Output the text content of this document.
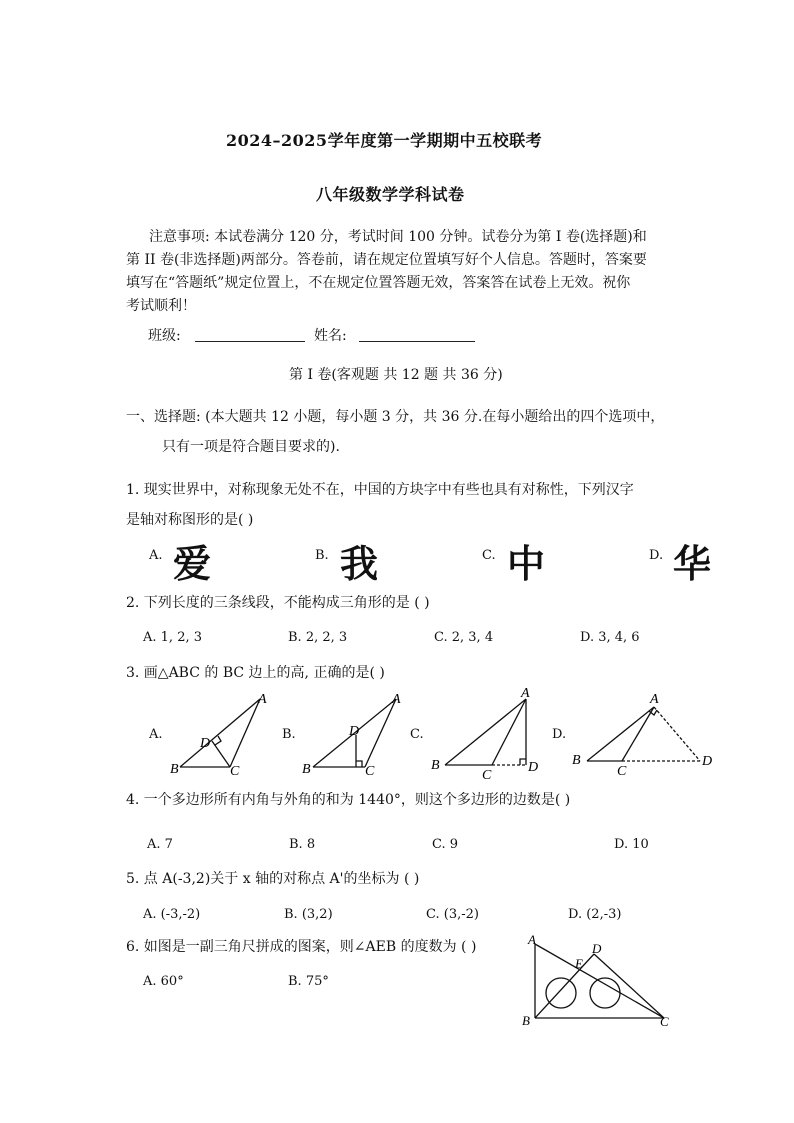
2024–2025学年度第一学期期中五校联考
八年级数学学科试卷
注意事项: 本试卷满分 120 分，考试时间 100 分钟。试卷分为第 I 卷(选择题)和
第 II 卷(非选择题)两部分。答卷前，请在规定位置填写好个人信息。答题时，答案要
填写在“答题纸”规定位置上，不在规定位置答题无效，答案答在试卷上无效。祝你
考试顺利！
班级:	姓名:
第 I 卷(客观题 共 12 题 共 36 分)
一、选择题: (本大题共 12 小题，每小题 3 分，共 36 分.在每小题给出的四个选项中，
只有一项是符合题目要求的).
1. 现实世界中，对称现象无处不在，中国的方块字中有些也具有对称性，下列汉字
是轴对称图形的是( )
A. 爱	B. 我	C. 中	D. 华
2. 下列长度的三条线段，不能构成三角形的是 ( )
A. 1, 2, 3	B. 2, 2, 3	C. 2, 3, 4	D. 3, 4, 6
3. 画△ABC 的 BC 边上的高, 正确的是( )
A.	B.	C.	D.
A
B	C
D
A
B	C
D
A
B
C
D
A
B
C
D
4. 一个多边形所有内角与外角的和为 1440°，则这个多边形的边数是( )
A. 7	B. 8	C. 9	D. 10
5. 点 A(-3,2)关于 x 轴的对称点 A'的坐标为 ( )
A. (-3,-2)	B. (3,2)	C. (3,-2)	D. (2,-3)
6. 如图是一副三角尺拼成的图案，则∠AEB 的度数为 ( )
A. 60°	B. 75°
A
B	C
D
E
